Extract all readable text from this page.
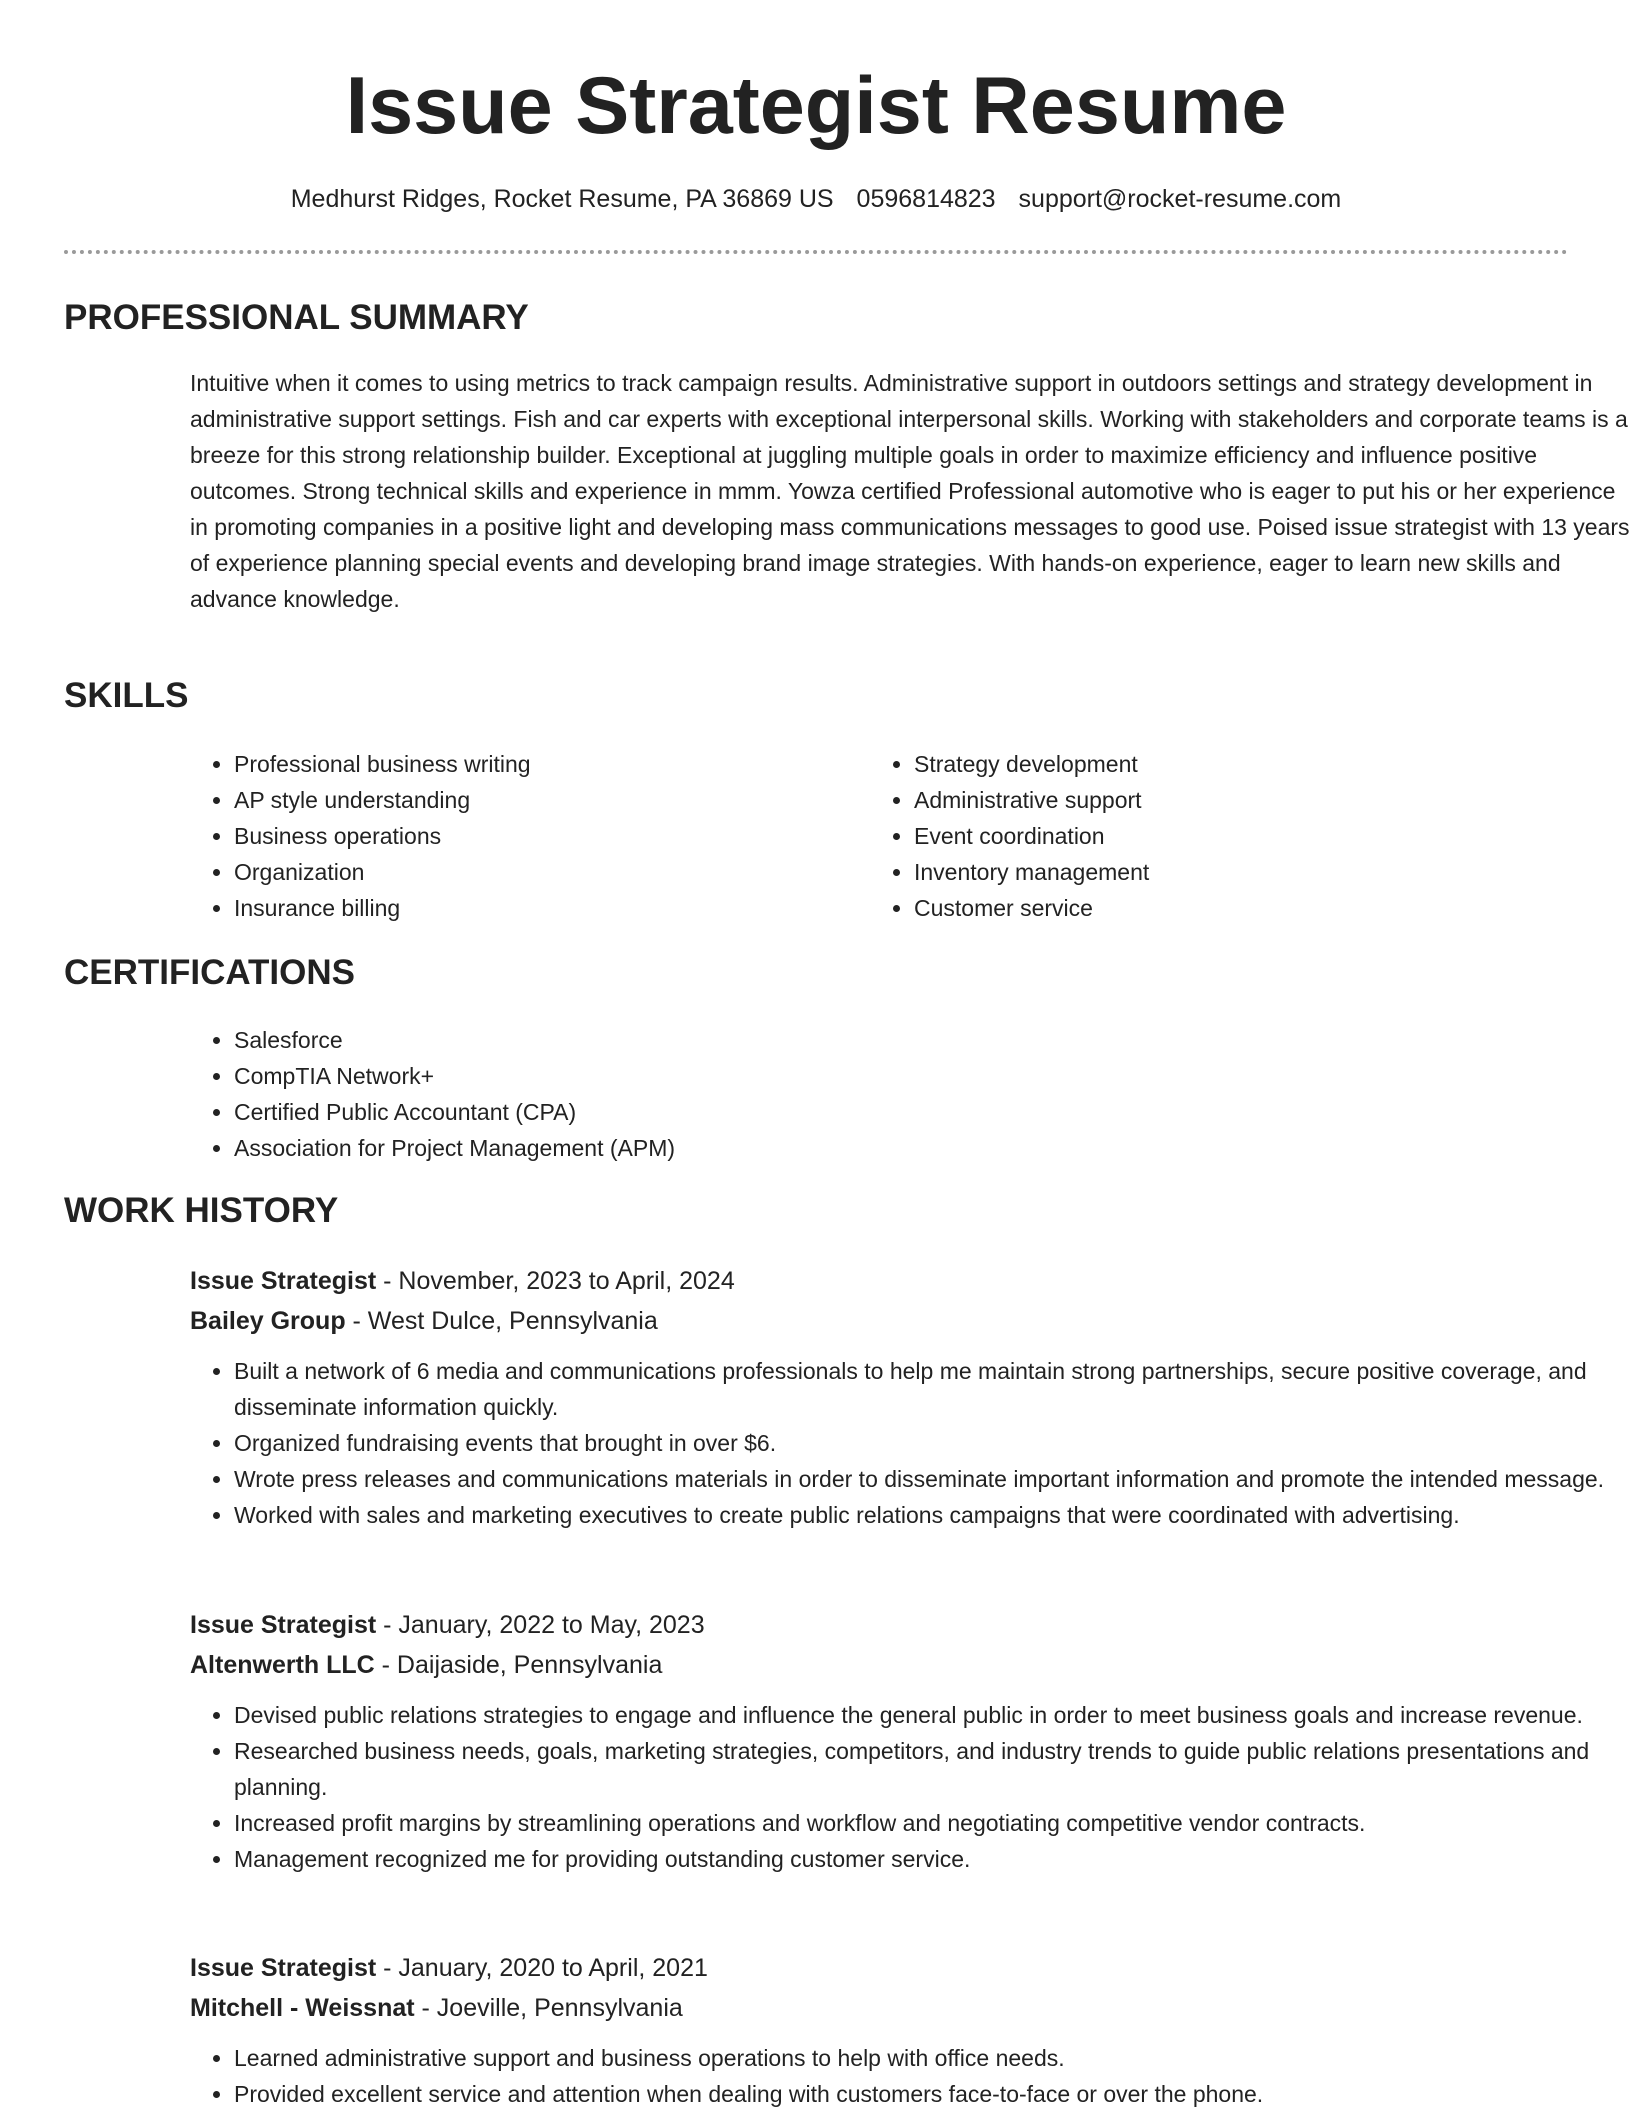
Issue Strategist Resume
Medhurst Ridges, Rocket Resume, PA 36869 US 0596814823 support@rocket-resume.com
PROFESSIONAL SUMMARY

Intuitive when it comes to using metrics to track campaign results. Administrative support in outdoors settings and strategy development in administrative support settings. Fish and car experts with exceptional interpersonal skills. Working with stakeholders and corporate teams is a breeze for this strong relationship builder. Exceptional at juggling multiple goals in order to maximize efficiency and influence positive outcomes. Strong technical skills and experience in mmm. Yowza certified Professional automotive who is eager to put his or her experience in promoting companies in a positive light and developing mass communications messages to good use. Poised issue strategist with 13 years of experience planning special events and developing brand image strategies. With hands-on experience, eager to learn new skills and advance knowledge.

SKILLS
• Professional business writing
• AP style understanding
• Business operations
• Organization
• Insurance billing
• Strategy development
• Administrative support
• Event coordination
• Inventory management
• Customer service
CERTIFICATIONS
• Salesforce
• CompTIA Network+
• Certified Public Accountant (CPA)
• Association for Project Management (APM)
WORK HISTORY

Issue Strategist - November, 2023 to April, 2024

Bailey Group - West Dulce, Pennsylvania

• Built a network of 6 media and communications professionals to help me maintain strong partnerships, secure positive coverage, and disseminate information quickly.
• Organized fundraising events that brought in over $6.
• Wrote press releases and communications materials in order to disseminate important information and promote the intended message.
• Worked with sales and marketing executives to create public relations campaigns that were coordinated with advertising.

Issue Strategist - January, 2022 to May, 2023

Altenwerth LLC - Daijaside, Pennsylvania

• Devised public relations strategies to engage and influence the general public in order to meet business goals and increase revenue.
• Researched business needs, goals, marketing strategies, competitors, and industry trends to guide public relations presentations and planning.
• Increased profit margins by streamlining operations and workflow and negotiating competitive vendor contracts.
• Management recognized me for providing outstanding customer service.

Issue Strategist - January, 2020 to April, 2021

Mitchell - Weissnat - Joeville, Pennsylvania

• Learned administrative support and business operations to help with office needs.
• Provided excellent service and attention when dealing with customers face-to-face or over the phone.
